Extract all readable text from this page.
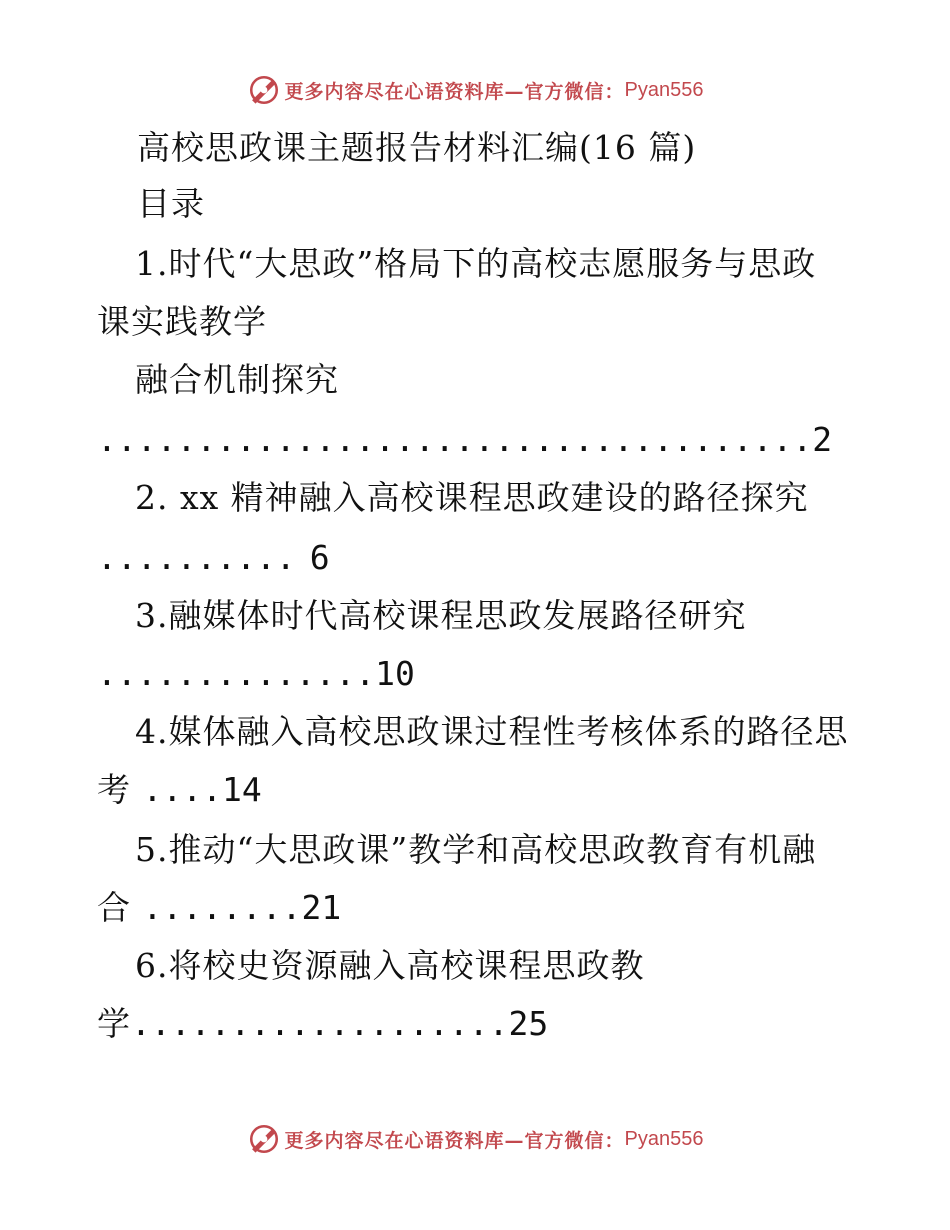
更多内容尽在心语资料库—官方微信： Pyan556
高校思政课主题报告材料汇编(16 篇)
目录
1.时代“大思政”格局下的高校志愿服务与思政
课实践教学
融合机制探究
....................................2
2. xx 精神融入高校课程思政建设的路径探究
.......... 6
3.融媒体时代高校课程思政发展路径研究
..............10
4.媒体融入高校思政课过程性考核体系的路径思
考 ....14
5.推动“大思政课”教学和高校思政教育有机融
合 ........21
6.将校史资源融入高校课程思政教
学...................25
更多内容尽在心语资料库—官方微信： Pyan556
